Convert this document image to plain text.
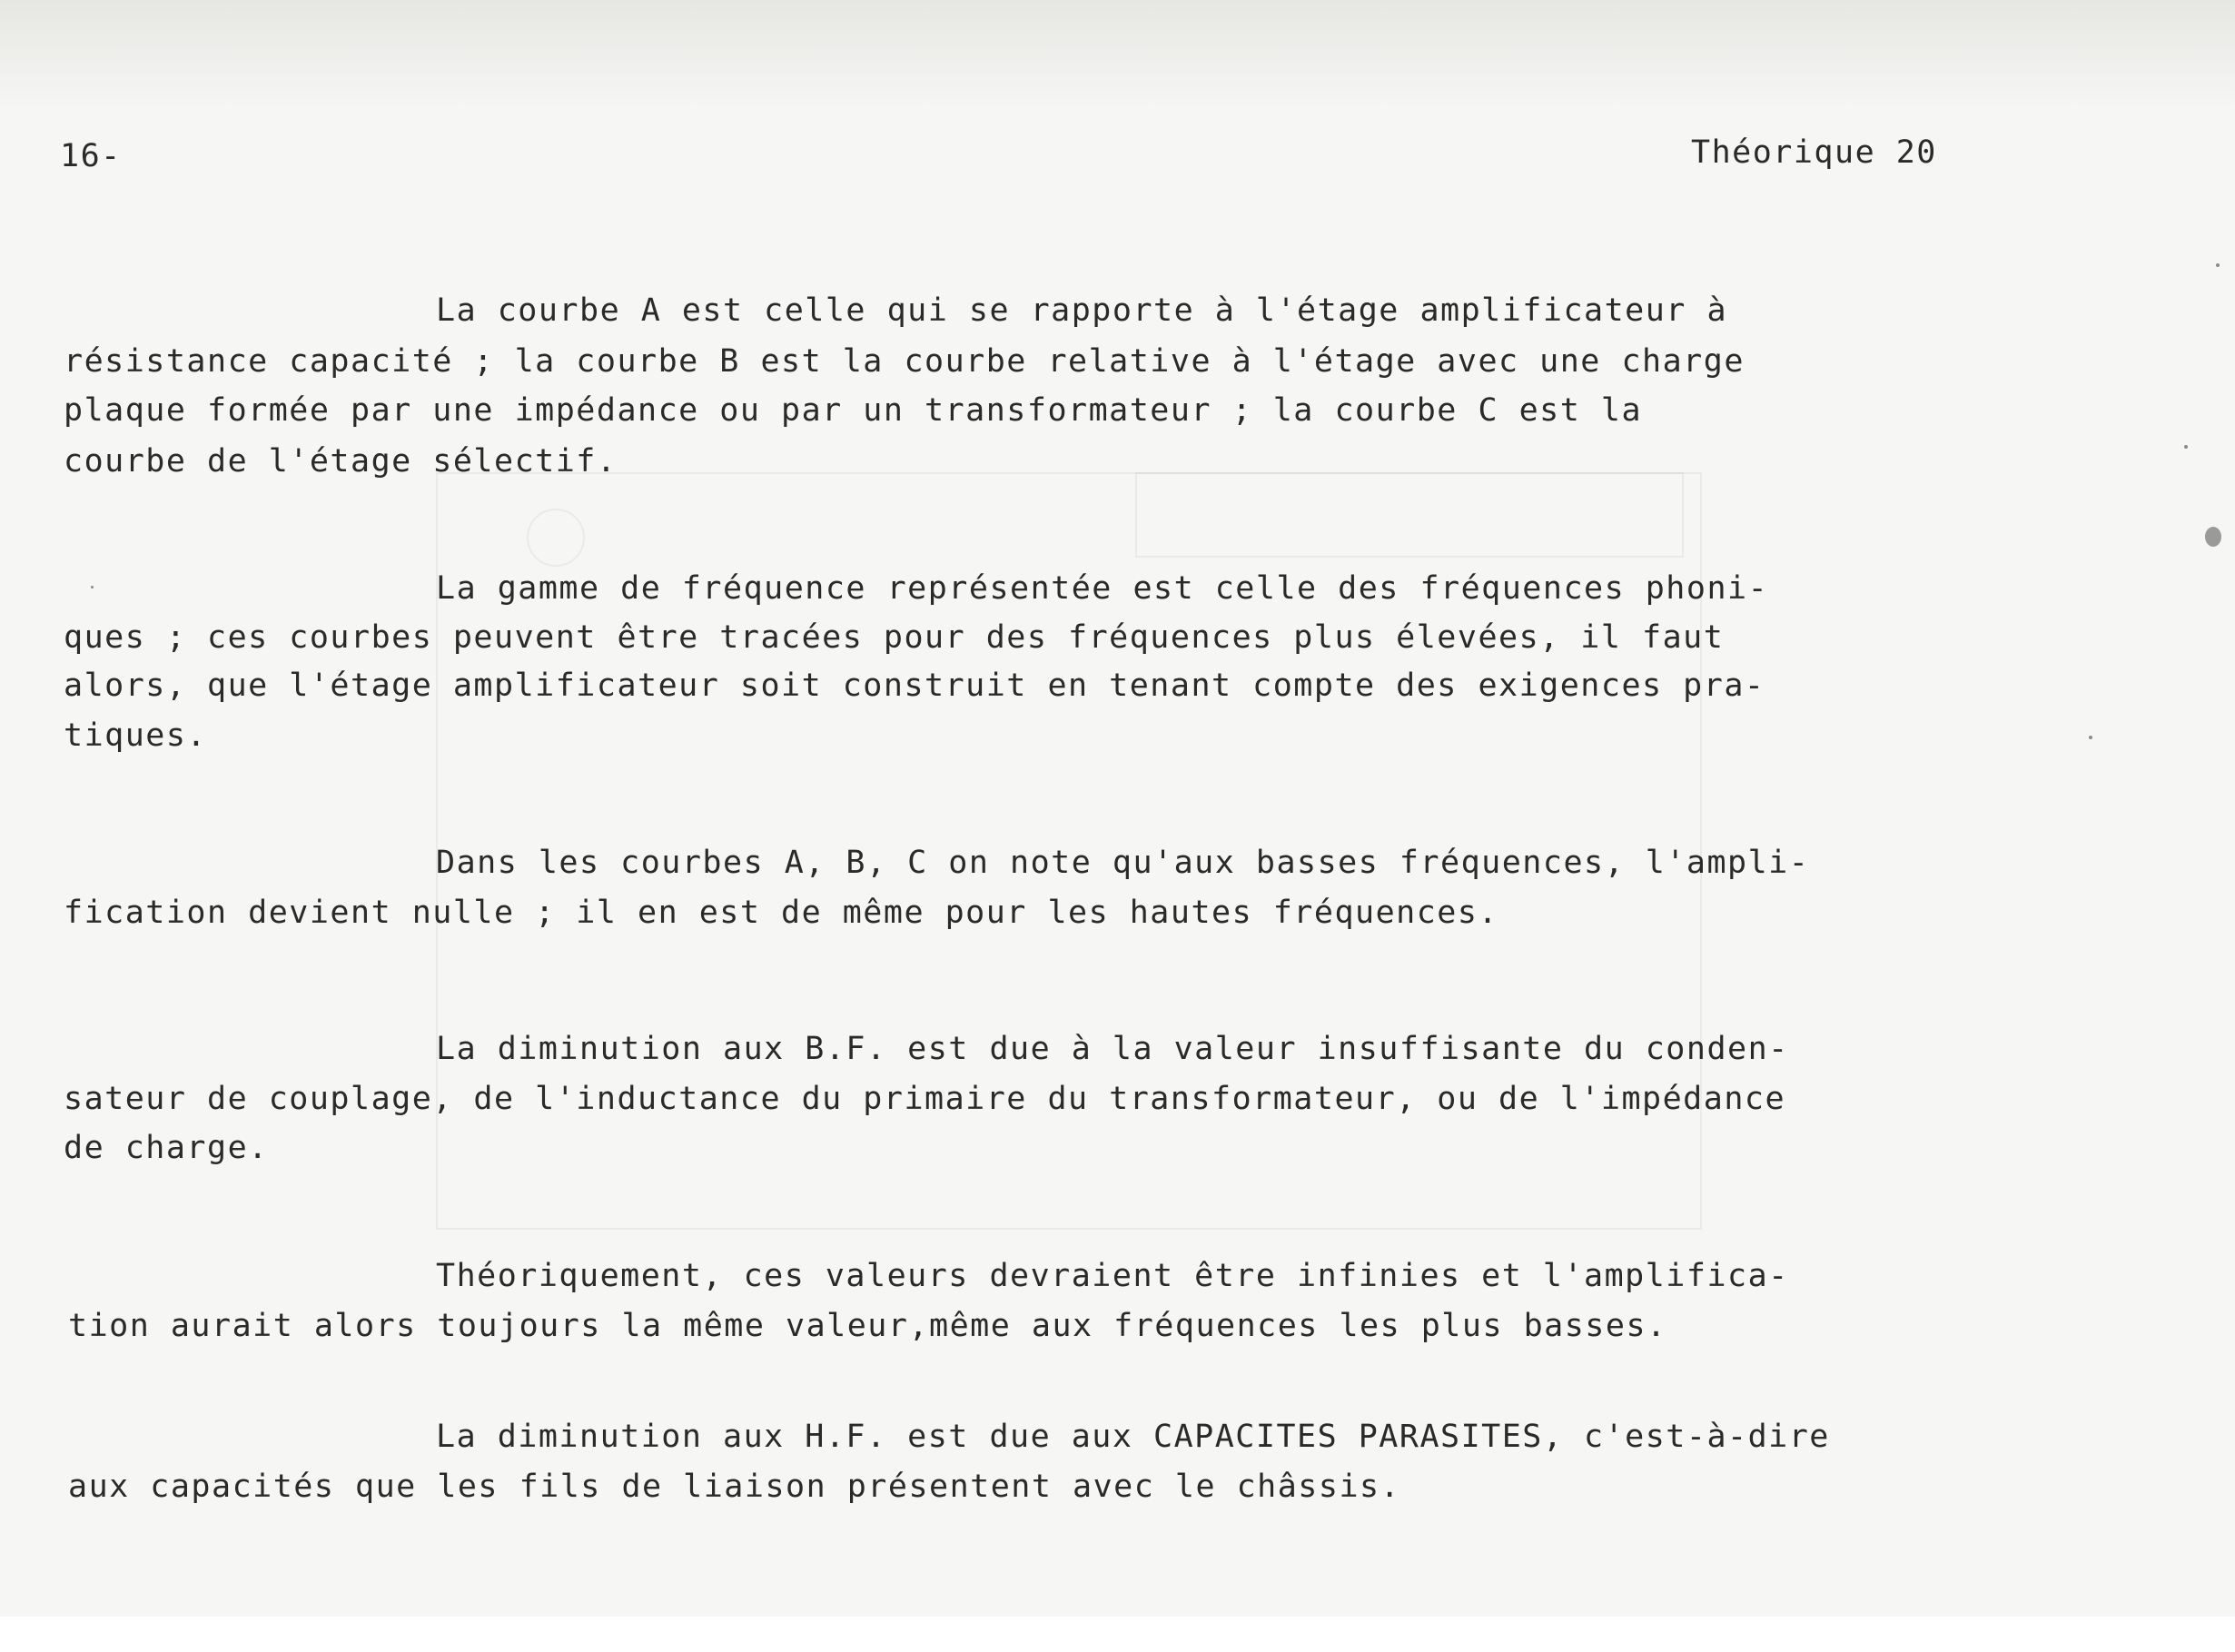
16-	Théorique 20

La courbe A est celle qui se rapporte à l'étage amplificateur à

résistance capacité ; la courbe B est la courbe relative à l'étage avec une charge

plaque formée par une impédance ou par un transformateur ; la courbe C est la

courbe de l'étage sélectif.

La gamme de fréquence représentée est celle des fréquences phoni-

ques ; ces courbes peuvent être tracées pour des fréquences plus élevées, il faut

alors, que l'étage amplificateur soit construit en tenant compte des exigences pra-

tiques.

Dans les courbes A, B, C on note qu'aux basses fréquences, l'ampli-

fication devient nulle ; il en est de même pour les hautes fréquences.

La diminution aux B.F. est due à la valeur insuffisante du conden-

sateur de couplage, de l'inductance du primaire du transformateur, ou de l'impédance

de charge.

Théoriquement, ces valeurs devraient être infinies et l'amplifica-

tion aurait alors toujours la même valeur,même aux fréquences les plus basses.

La diminution aux H.F. est due aux CAPACITES PARASITES, c'est-à-dire

aux capacités que les fils de liaison présentent avec le châssis.
